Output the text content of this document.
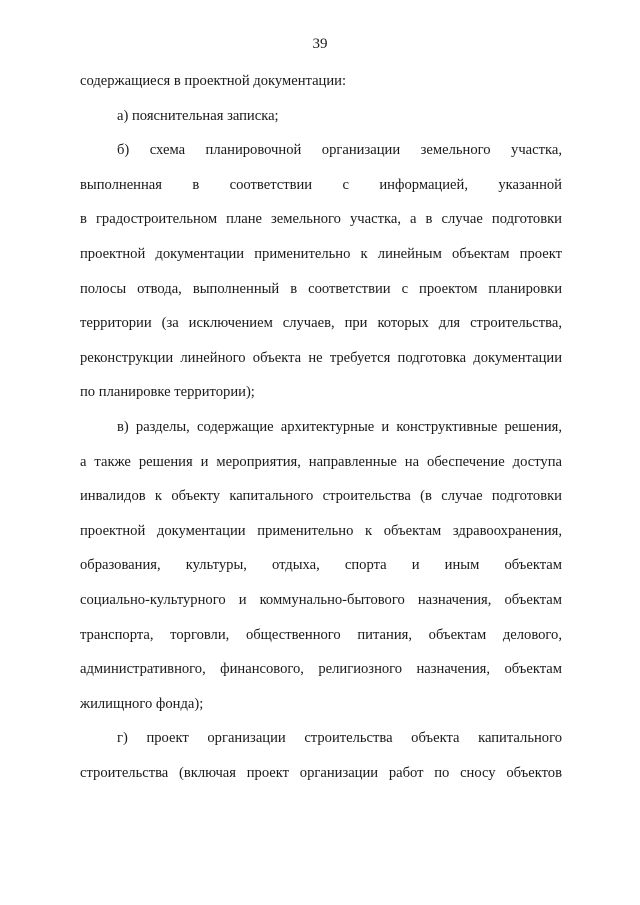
39
содержащиеся в проектной документации:
а) пояснительная записка;
б) схема планировочной организации земельного участка,
выполненная в соответствии с информацией, указанной
в градостроительном плане земельного участка, а в случае подготовки
проектной документации применительно к линейным объектам проект
полосы отвода, выполненный в соответствии с проектом планировки
территории (за исключением случаев, при которых для строительства,
реконструкции линейного объекта не требуется подготовка документации
по планировке территории);
в) разделы, содержащие архитектурные и конструктивные решения,
а также решения и мероприятия, направленные на обеспечение доступа
инвалидов к объекту капитального строительства (в случае подготовки
проектной документации применительно к объектам здравоохранения,
образования, культуры, отдыха, спорта и иным объектам
социально-культурного и коммунально-бытового назначения, объектам
транспорта, торговли, общественного питания, объектам делового,
административного, финансового, религиозного назначения, объектам
жилищного фонда);
г) проект организации строительства объекта капитального
строительства (включая проект организации работ по сносу объектов
